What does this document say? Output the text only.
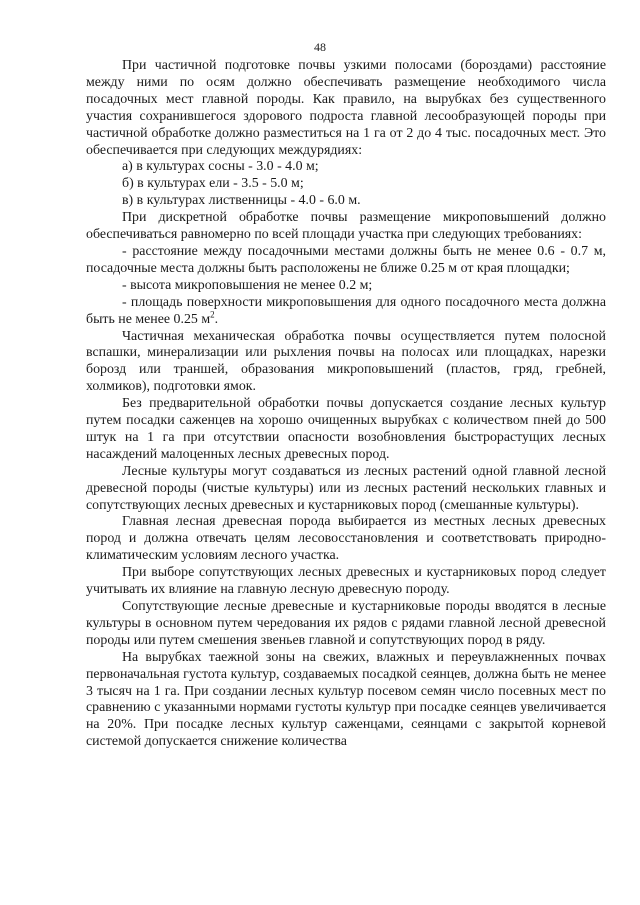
48

При частичной подготовке почвы узкими полосами (бороздами) расстояние между ними по осям должно обеспечивать размещение необходимого числа посадочных мест главной породы. Как правило, на вырубках без существенного участия сохранившегося здорового подроста главной лесообразующей породы при частичной обработке должно разместиться на 1 га от 2 до 4 тыс. посадочных мест. Это обеспечивается при следующих междурядиях:

а) в культурах сосны - 3.0 - 4.0 м;

б) в культурах ели - 3.5 - 5.0 м;

в) в культурах лиственницы - 4.0 - 6.0 м.

При дискретной обработке почвы размещение микроповышений должно обеспечиваться равномерно по всей площади участка при следующих требованиях:

- расстояние между посадочными местами должны быть не менее 0.6 - 0.7 м, посадочные места должны быть расположены не ближе 0.25 м от края площадки;

- высота микроповышения не менее 0.2 м;

- площадь поверхности микроповышения для одного посадочного места должна быть не менее 0.25 $м^2$.

Частичная механическая обработка почвы осуществляется путем полосной вспашки, минерализации или рыхления почвы на полосах или площадках, нарезки борозд или траншей, образования микроповышений (пластов, гряд, гребней, холмиков), подготовки ямок.

Без предварительной обработки почвы допускается создание лесных культур путем посадки саженцев на хорошо очищенных вырубках с количеством пней до 500 штук на 1 га при отсутствии опасности возобновления быстрорастущих лесных насаждений малоценных лесных древесных пород.

Лесные культуры могут создаваться из лесных растений одной главной лесной древесной породы (чистые культуры) или из лесных растений нескольких главных и сопутствующих лесных древесных и кустарниковых пород (смешанные культуры).

Главная лесная древесная порода выбирается из местных лесных древесных пород и должна отвечать целям лесовосстановления и соответствовать природно-климатическим условиям лесного участка.

При выборе сопутствующих лесных древесных и кустарниковых пород следует учитывать их влияние на главную лесную древесную породу.

Сопутствующие лесные древесные и кустарниковые породы вводятся в лесные культуры в основном путем чередования их рядов с рядами главной лесной древесной породы или путем смешения звеньев главной и сопутствующих пород в ряду.

На вырубках таежной зоны на свежих, влажных и переувлажненных почвах первоначальная густота культур, создаваемых посадкой сеянцев, должна быть не менее 3 тысяч на 1 га. При создании лесных культур посевом семян число посевных мест по сравнению с указанными нормами густоты культур при посадке сеянцев увеличивается на 20%. При посадке лесных культур саженцами, сеянцами с закрытой корневой системой допускается снижение количества
